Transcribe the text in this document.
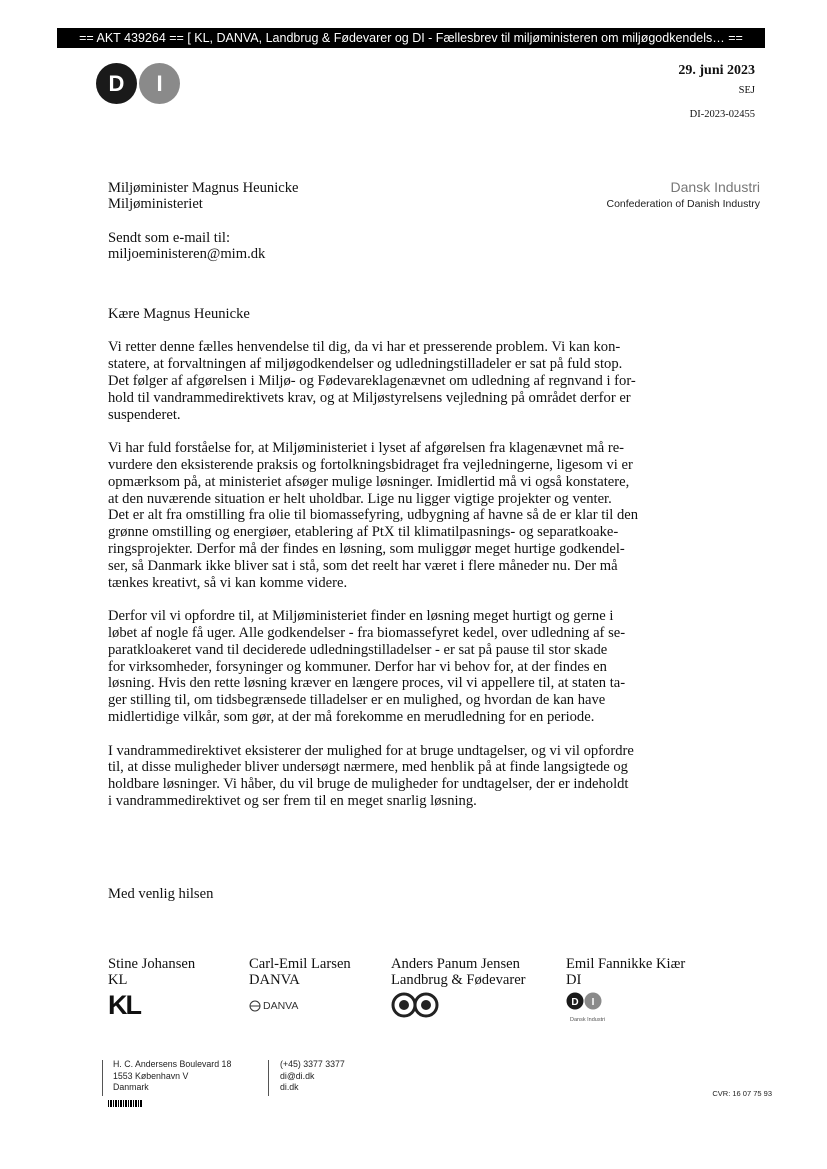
== AKT 439264 == [ KL, DANVA, Landbrug & Fødevarer og DI - Fællesbrev til miljøministeren om miljøgodkendels… ==
D I
29. juni 2023
SEJ
DI-2023-02455
Dansk Industri
Confederation of Danish Industry
Miljøminister Magnus Heunicke
Miljøministeriet
Sendt som e-mail til:
miljoeministeren@mim.dk

Kære Magnus Heunicke

Vi retter denne fælles henvendelse til dig, da vi har et presserende problem. Vi kan kon-
statere, at forvaltningen af miljøgodkendelser og udledningstilladeler er sat på fuld stop.
Det følger af afgørelsen i Miljø- og Fødevareklagenævnet om udledning af regnvand i for-
hold til vandrammedirektivets krav, og at Miljøstyrelsens vejledning på området derfor er
suspenderet.

Vi har fuld forståelse for, at Miljøministeriet i lyset af afgørelsen fra klagenævnet må re-
vurdere den eksisterende praksis og fortolkningsbidraget fra vejledningerne, ligesom vi er
opmærksom på, at ministeriet afsøger mulige løsninger. Imidlertid må vi også konstatere,
at den nuværende situation er helt uholdbar. Lige nu ligger vigtige projekter og venter.
Det er alt fra omstilling fra olie til biomassefyring, udbygning af havne så de er klar til den
grønne omstilling og energiøer, etablering af PtX til klimatilpasnings- og separatkoake-
ringsprojekter. Derfor må der findes en løsning, som muliggør meget hurtige godkendel-
ser, så Danmark ikke bliver sat i stå, som det reelt har været i flere måneder nu. Der må
tænkes kreativt, så vi kan komme videre.

Derfor vil vi opfordre til, at Miljøministeriet finder en løsning meget hurtigt og gerne i
løbet af nogle få uger. Alle godkendelser - fra biomassefyret kedel, over udledning af se-
paratkloakeret vand til deciderede udledningstilladelser - er sat på pause til stor skade
for virksomheder, forsyninger og kommuner. Derfor har vi behov for, at der findes en
løsning. Hvis den rette løsning kræver en længere proces, vil vi appellere til, at staten ta-
ger stilling til, om tidsbegrænsede tilladelser er en mulighed, og hvordan de kan have
midlertidige vilkår, som gør, at der må forekomme en merudledning for en periode.

I vandrammedirektivet eksisterer der mulighed for at bruge undtagelser, og vi vil opfordre
til, at disse muligheder bliver undersøgt nærmere, med henblik på at finde langsigtede og
holdbare løsninger. Vi håber, du vil bruge de muligheder for undtagelser, der er indeholdt
i vandrammedirektivet og ser frem til en meget snarlig løsning.

Med venlig hilsen
Stine Johansen
KL
KL
Carl-Emil Larsen
DANVA
DANVA
Anders Panum Jensen
Landbrug & Fødevarer
Emil Fannikke Kiær
DI
D I
Dansk Industri
H. C. Andersens Boulevard 18
1553 København V
Danmark
(+45) 3377 3377
di@di.dk
di.dk
CVR: 16 07 75 93
